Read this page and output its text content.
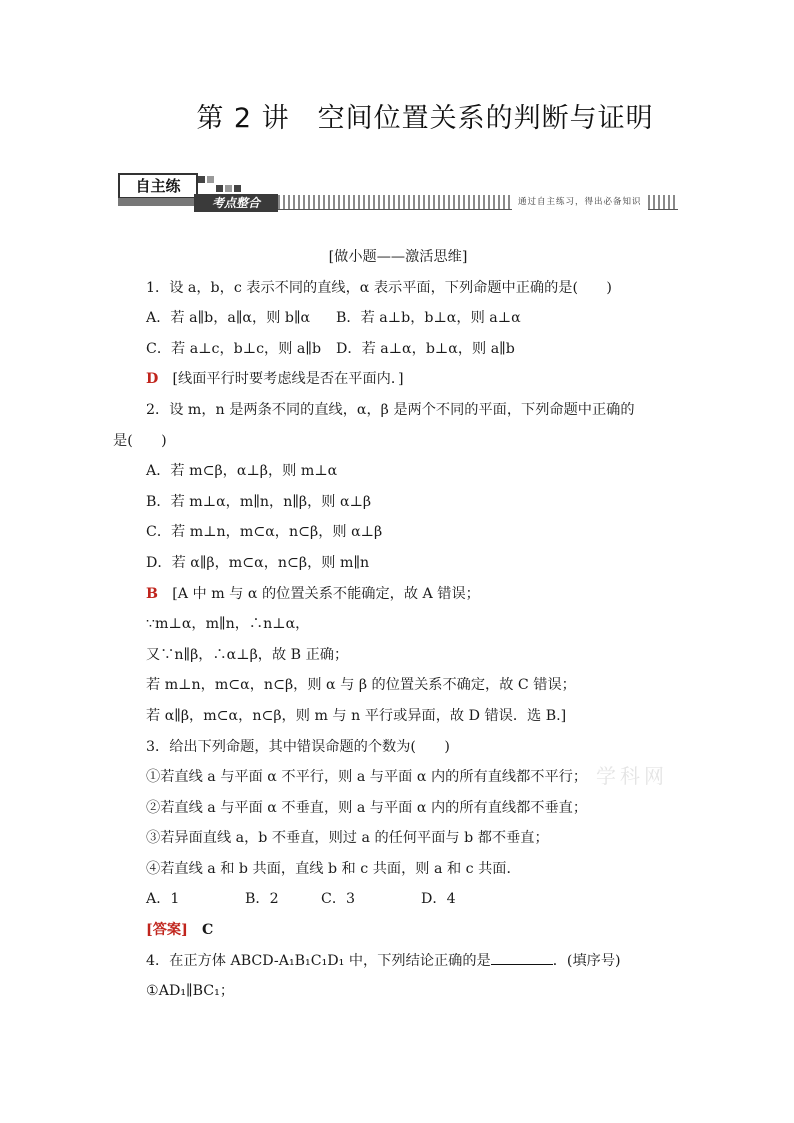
第 2 讲　空间位置关系的判断与证明
自主练
考点整合	通过自主练习，得出必备知识

[做小题——激活思维]

1．设 a，b，c 表示不同的直线，α 表示平面，下列命题中正确的是(　　)

A．若 a∥b，a∥α，则 b∥α B．若 a⊥b，b⊥α，则 a⊥α

C．若 a⊥c，b⊥c，则 a∥b D．若 a⊥α，b⊥α，则 a∥b

D　 [线面平行时要考虑线是否在平面内．]

2．设 m，n 是两条不同的直线，α，β 是两个不同的平面，下列命题中正确的

是(　　)

A．若 m⊂β，α⊥β，则 m⊥α

B．若 m⊥α，m∥n，n∥β，则 α⊥β

C．若 m⊥n，m⊂α，n⊂β，则 α⊥β

D．若 α∥β，m⊂α，n⊂β，则 m∥n

B　 [A 中 m 与 α 的位置关系不能确定，故 A 错误；

∵m⊥α，m∥n，∴n⊥α，

又∵n∥β，∴α⊥β，故 B 正确；

若 m⊥n，m⊂α，n⊂β，则 α 与 β 的位置关系不确定，故 C 错误；

若 α∥β，m⊂α，n⊂β，则 m 与 n 平行或异面，故 D 错误．选 B.]

3．给出下列命题，其中错误命题的个数为(　　)

①若直线 a 与平面 α 不平行，则 a 与平面 α 内的所有直线都不平行；

②若直线 a 与平面 α 不垂直，则 a 与平面 α 内的所有直线都不垂直；

③若异面直线 a，b 不垂直，则过 a 的任何平面与 b 都不垂直；

④若直线 a 和 b 共面，直线 b 和 c 共面，则 a 和 c 共面．

A．1	B．2	C．3	D．4

[答案]　 C

4．在正方体 ABCD-A₁B₁C₁D₁ 中，下列结论正确的是	．(填序号)

①AD₁∥BC₁；

学科网
